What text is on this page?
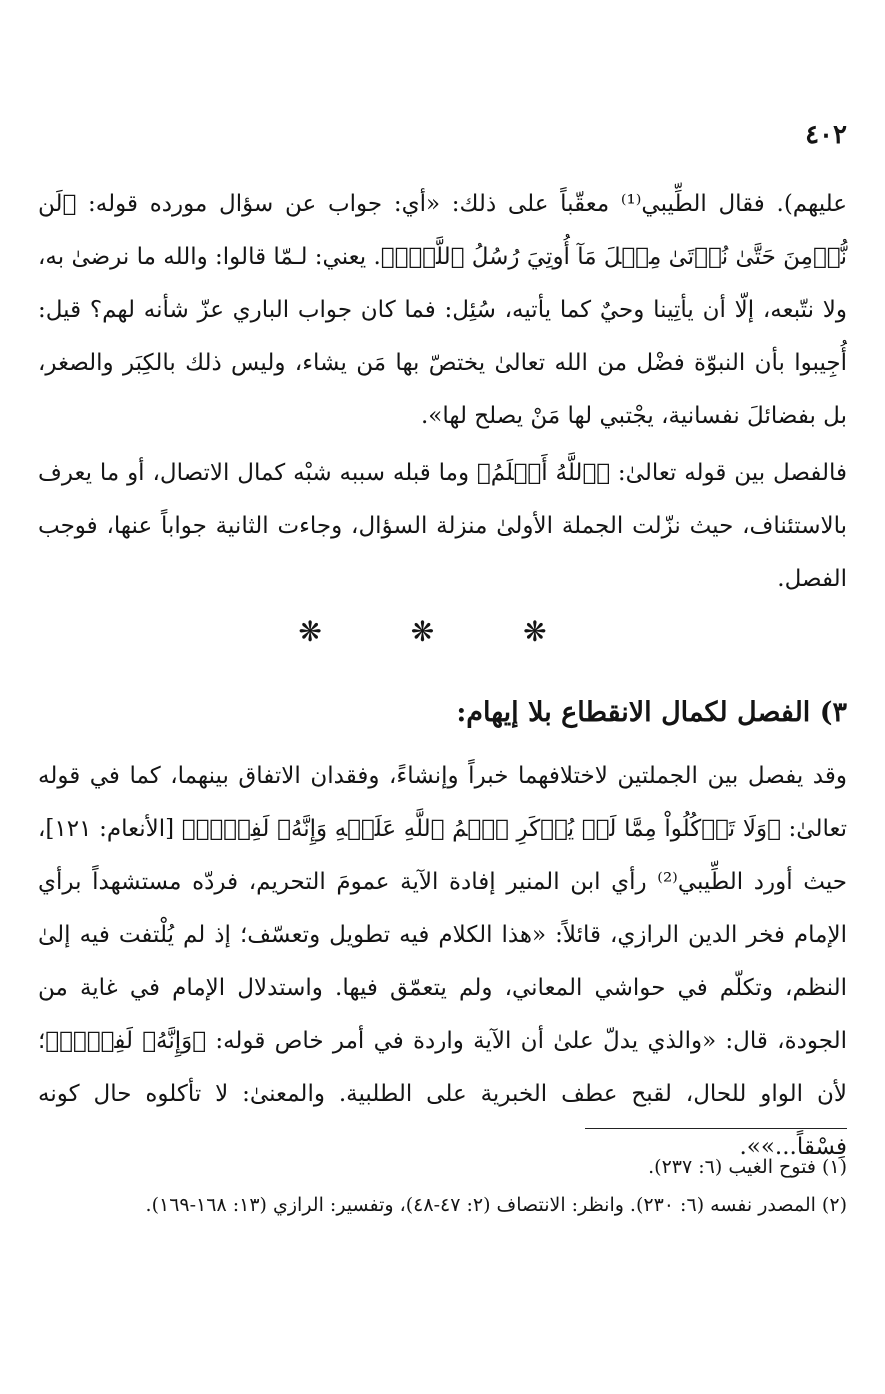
٤٠٢

عليهم). فقال الطِّيبي⁽¹⁾ معقّباً على ذلك: «أي: جواب عن سؤال مورده قوله: ﴿لَن نُّؤۡمِنَ حَتَّىٰ نُؤۡتَىٰ مِثۡلَ مَآ أُوتِيَ رُسُلُ ٱللَّهِۘ﴾. يعني: لـمّا قالوا: والله ما نرضىٰ به، ولا نتّبعه، إلّا أن يأتِينا وحيٌ كما يأتيه، سُئِل: فما كان جواب الباري عزّ شأنه لهم؟ قيل: أُجِيبوا بأن النبوّة فضْل من الله تعالىٰ يختصّ بها مَن يشاء، وليس ذلك بالكِبَر والصغر، بل بفضائلَ نفسانية، يجْتبي لها مَنْ يصلح لها».

فالفصل بين قوله تعالىٰ: ﴿ٱللَّهُ أَعۡلَمُ﴾ وما قبله سببه شبْه كمال الاتصال، أو ما يعرف بالاستئناف، حيث نزّلت الجملة الأولىٰ منزلة السؤال، وجاءت الثانية جواباً عنها، فوجب الفصل.

❋ ❋ ❋
٣) الفصل لكمال الانقطاع بلا إيهام:

وقد يفصل بين الجملتين لاختلافهما خبراً وإنشاءً، وفقدان الاتفاق بينهما، كما في قوله تعالىٰ: ﴿وَلَا تَأۡكُلُواْ مِمَّا لَمۡ يُذۡكَرِ ٱسۡمُ ٱللَّهِ عَلَيۡهِ وَإِنَّهُۥ لَفِسۡقٞ﴾ [الأنعام: ١٢١]، حيث أورد الطِّيبي⁽²⁾ رأي ابن المنير إفادة الآية عمومَ التحريم، فردّه مستشهداً برأي الإمام فخر الدين الرازي، قائلاً: «هذا الكلام فيه تطويل وتعسّف؛ إذ لم يُلْتفت فيه إلىٰ النظم، وتكلّم في حواشي المعاني، ولم يتعمّق فيها. واستدلال الإمام في غاية من الجودة، قال: «والذي يدلّ علىٰ أن الآية واردة في أمر خاص قوله: ﴿وَإِنَّهُۥ لَفِسۡقٞ﴾؛ لأن الواو للحال، لقبح عطف الخبرية على الطلبية. والمعنىٰ: لا تأكلوه حال كونه فِسْقاً...»».

(١) فتوح الغيب (٦: ٢٣٧).
(٢) المصدر نفسه (٦: ٢٣٠). وانظر: الانتصاف (٢: ٤٧-٤٨)، وتفسير: الرازي (١٣: ١٦٨-١٦٩).
